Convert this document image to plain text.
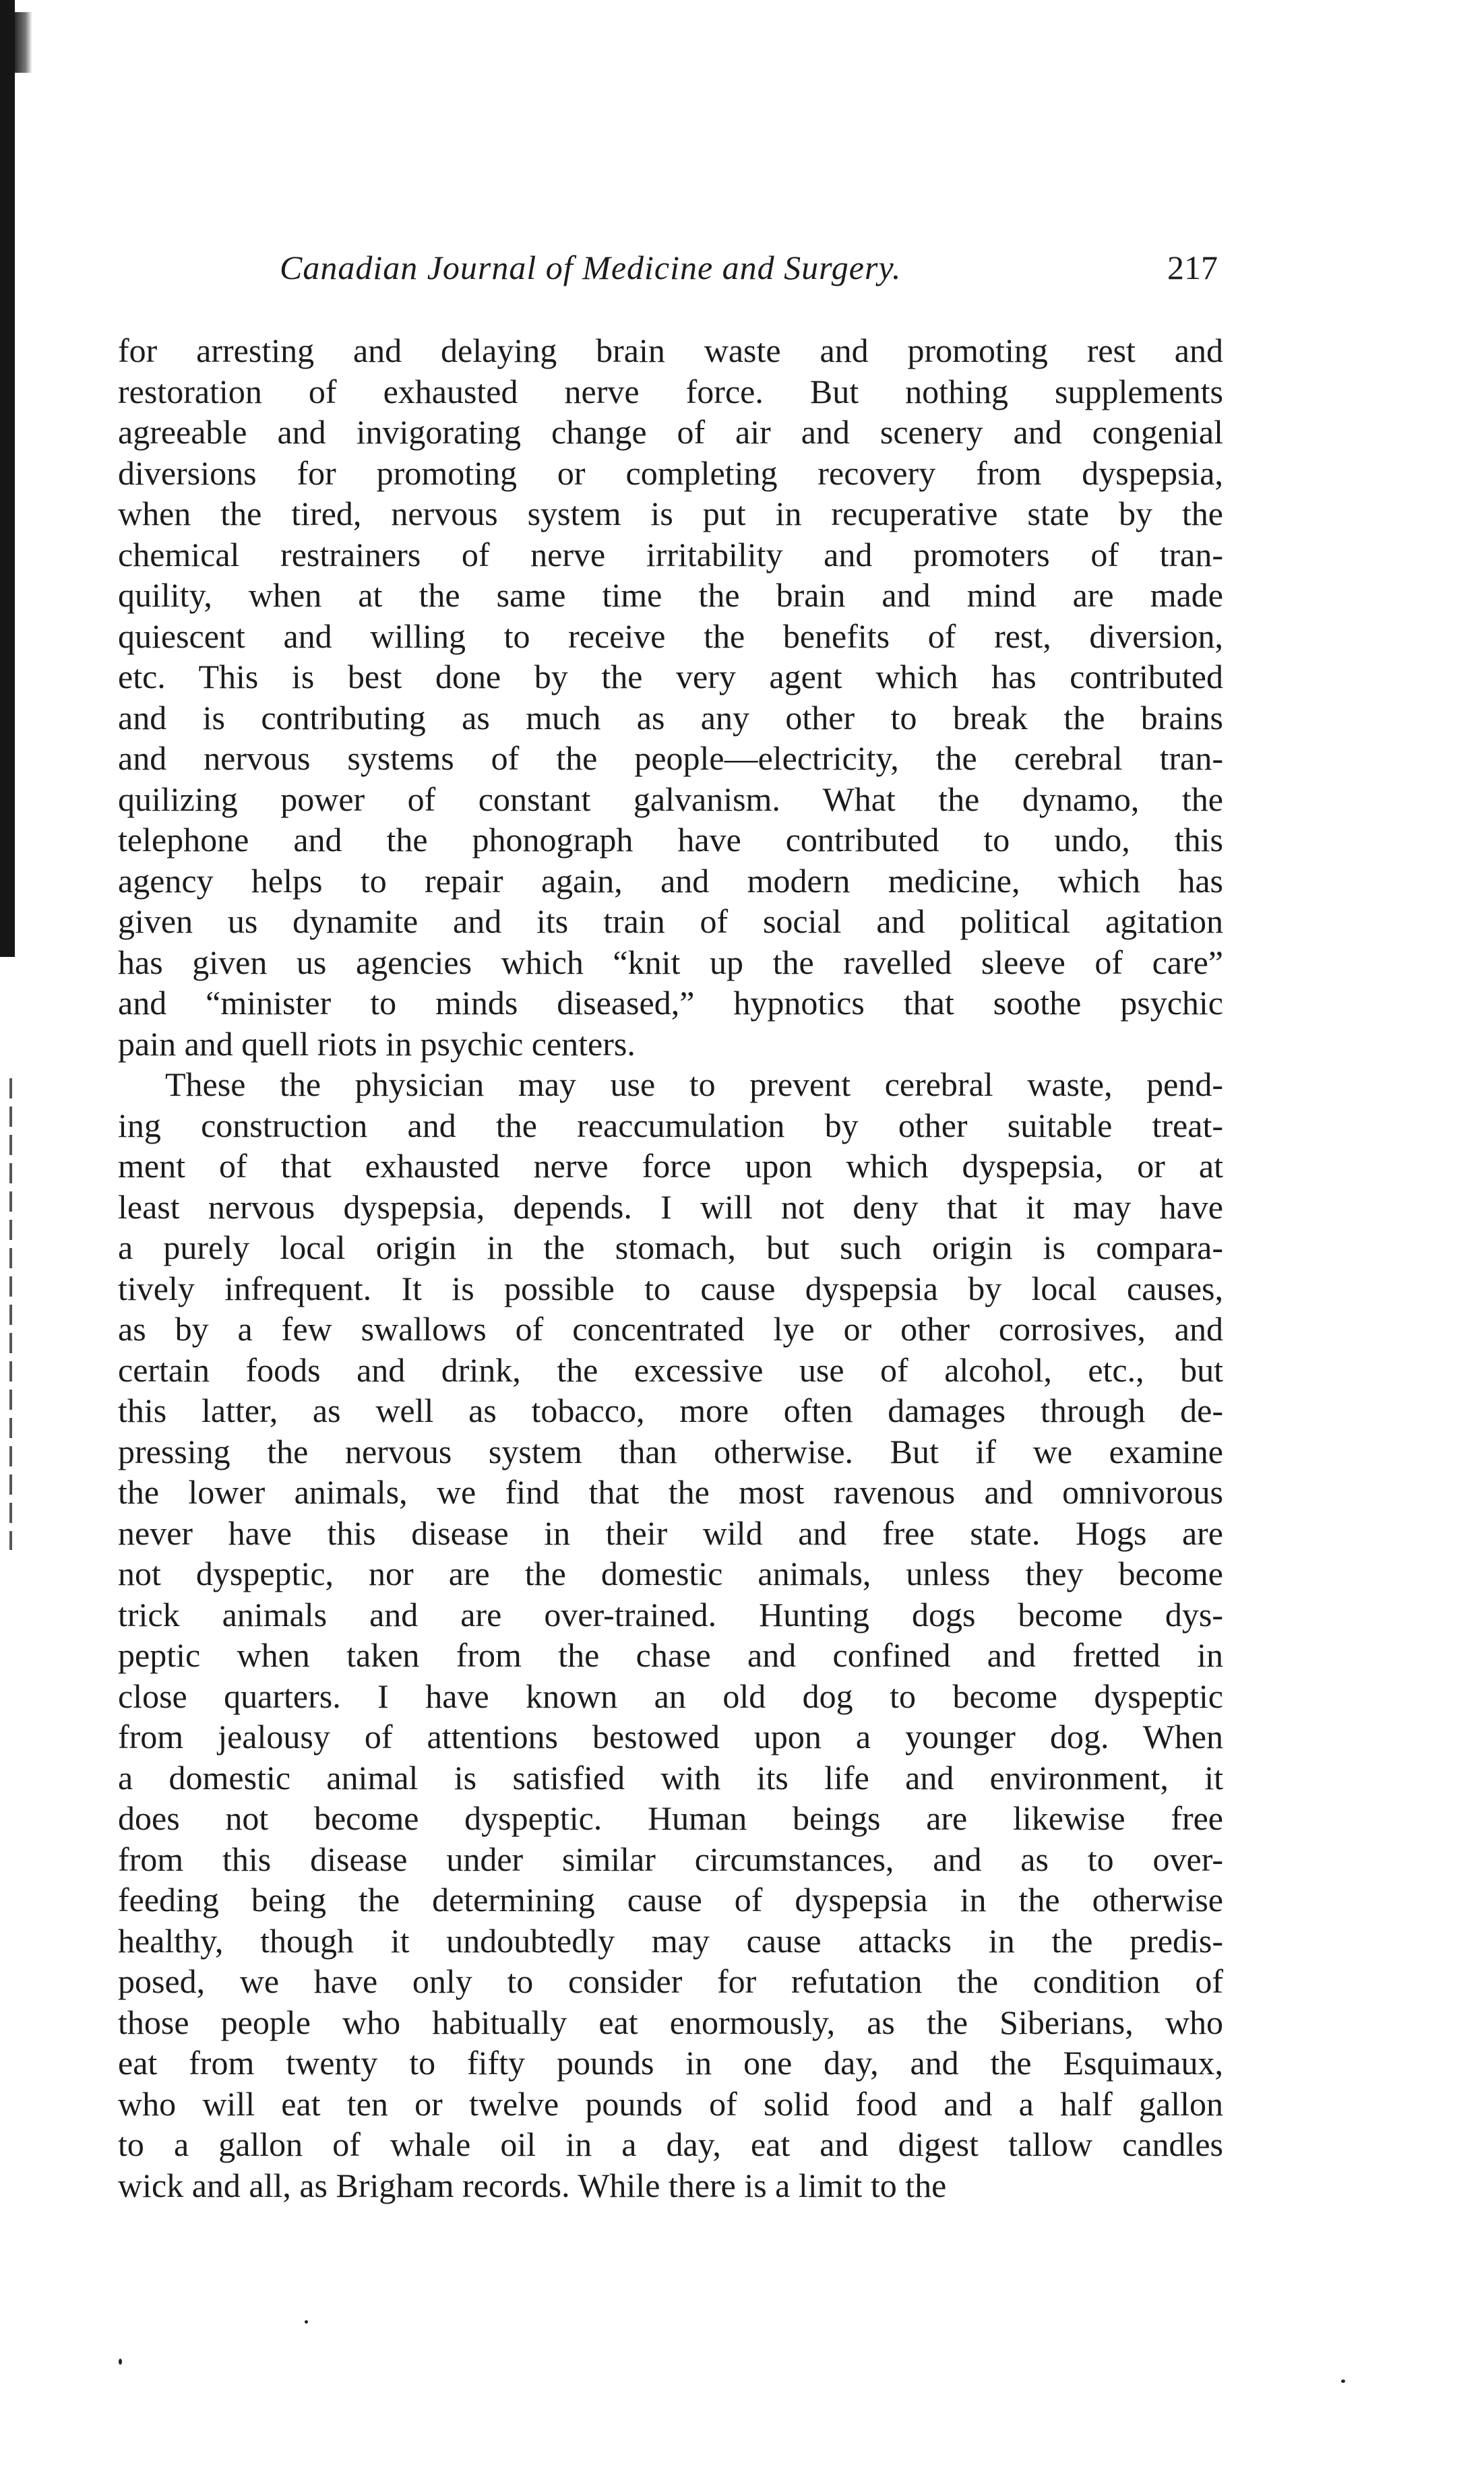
Canadian Journal of Medicine and Surgery.	217
for arresting and delaying brain waste and promoting rest and
restoration of exhausted nerve force. But nothing supplements
agreeable and invigorating change of air and scenery and congenial
diversions for promoting or completing recovery from dyspepsia,
when the tired, nervous system is put in recuperative state by the
chemical restrainers of nerve irritability and promoters of tran-
quility, when at the same time the brain and mind are made
quiescent and willing to receive the benefits of rest, diversion,
etc. This is best done by the very agent which has contributed
and is contributing as much as any other to break the brains
and nervous systems of the people—electricity, the cerebral tran-
quilizing power of constant galvanism. What the dynamo, the
telephone and the phonograph have contributed to undo, this
agency helps to repair again, and modern medicine, which has
given us dynamite and its train of social and political agitation
has given us agencies which “knit up the ravelled sleeve of care”
and “minister to minds diseased,” hypnotics that soothe psychic
pain and quell riots in psychic centers.
These the physician may use to prevent cerebral waste, pend-
ing construction and the reaccumulation by other suitable treat-
ment of that exhausted nerve force upon which dyspepsia, or at
least nervous dyspepsia, depends. I will not deny that it may have
a purely local origin in the stomach, but such origin is compara-
tively infrequent. It is possible to cause dyspepsia by local causes,
as by a few swallows of concentrated lye or other corrosives, and
certain foods and drink, the excessive use of alcohol, etc., but
this latter, as well as tobacco, more often damages through de-
pressing the nervous system than otherwise. But if we examine
the lower animals, we find that the most ravenous and omnivorous
never have this disease in their wild and free state. Hogs are
not dyspeptic, nor are the domestic animals, unless they become
trick animals and are over-trained. Hunting dogs become dys-
peptic when taken from the chase and confined and fretted in
close quarters. I have known an old dog to become dyspeptic
from jealousy of attentions bestowed upon a younger dog. When
a domestic animal is satisfied with its life and environment, it
does not become dyspeptic. Human beings are likewise free
from this disease under similar circumstances, and as to over-
feeding being the determining cause of dyspepsia in the otherwise
healthy, though it undoubtedly may cause attacks in the predis-
posed, we have only to consider for refutation the condition of
those people who habitually eat enormously, as the Siberians, who
eat from twenty to fifty pounds in one day, and the Esquimaux,
who will eat ten or twelve pounds of solid food and a half gallon
to a gallon of whale oil in a day, eat and digest tallow candles
wick and all, as Brigham records. While there is a limit to the
